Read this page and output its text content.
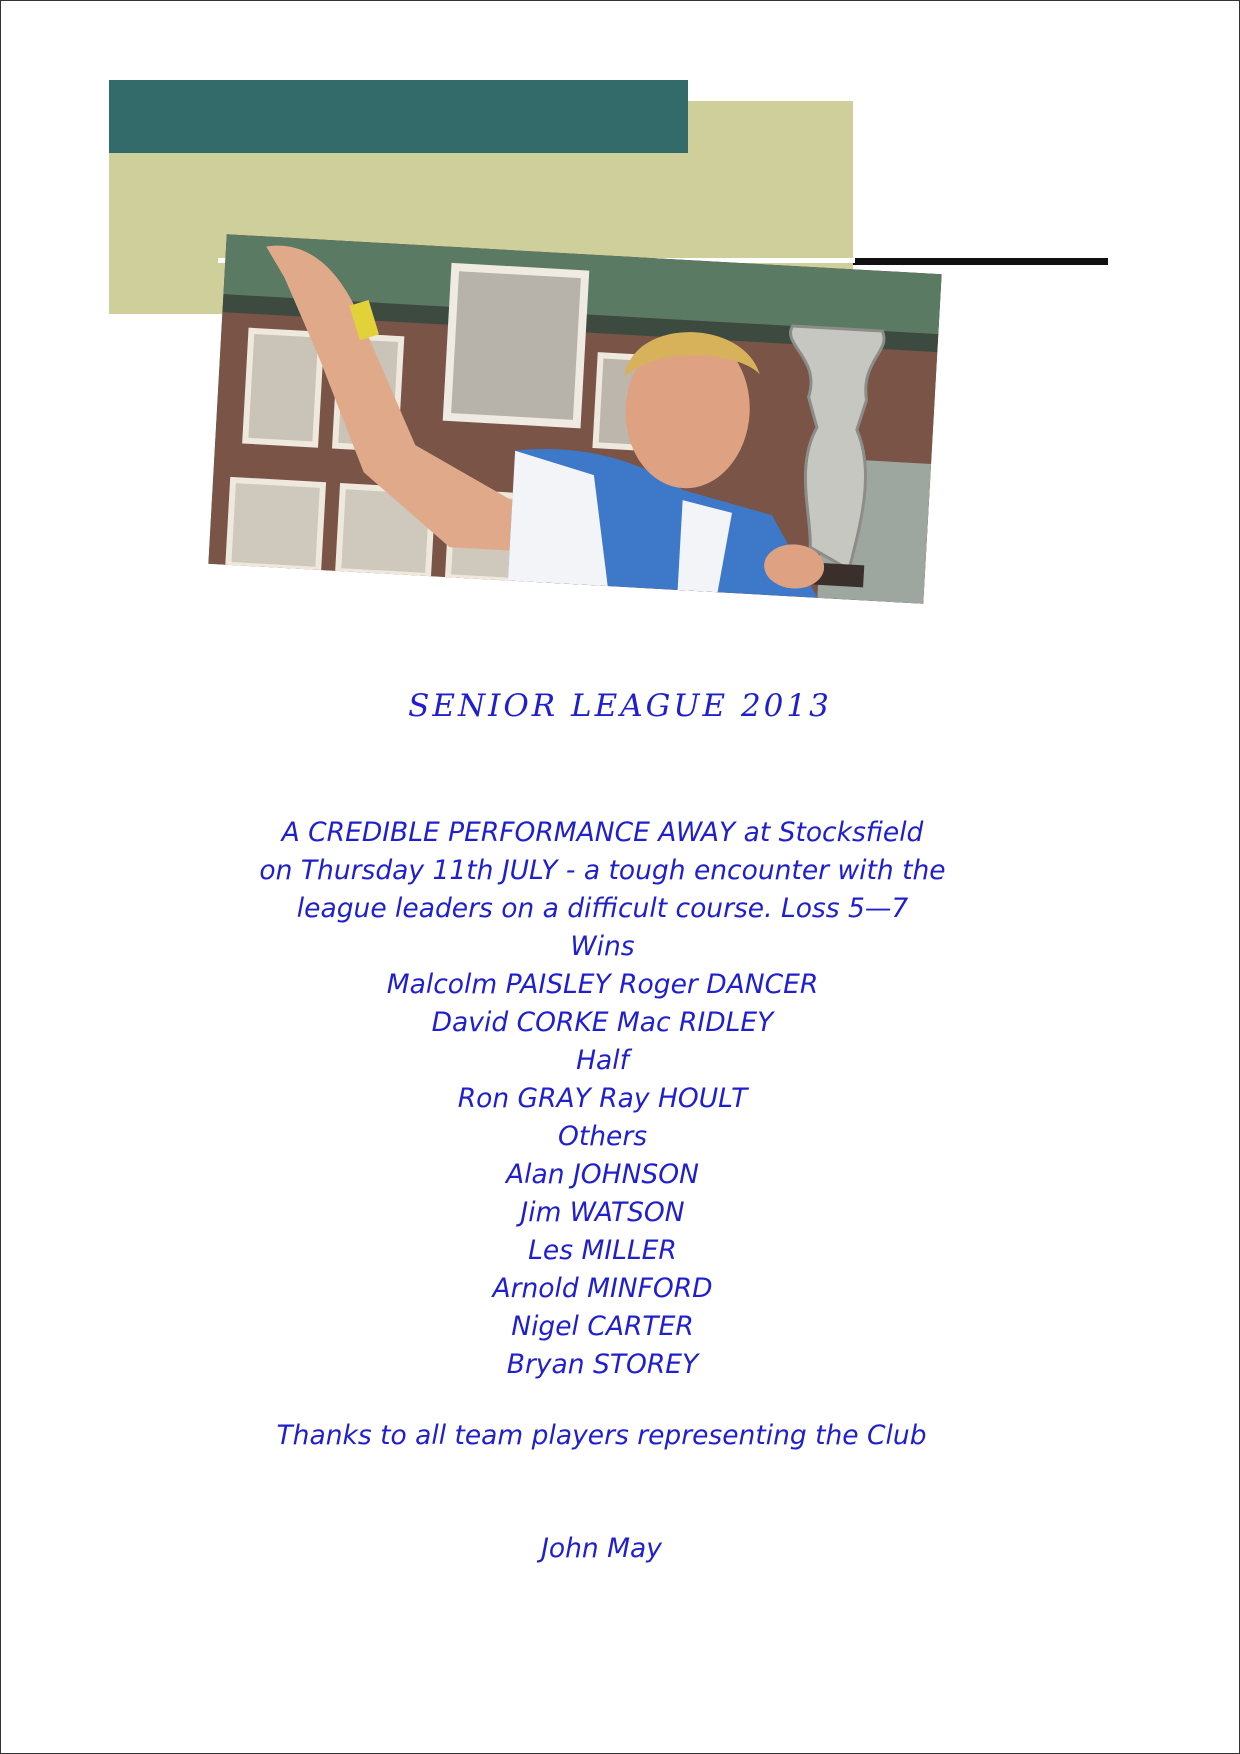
SENIOR LEAGUE 2013
A CREDIBLE PERFORMANCE AWAY at Stocksfield
on Thursday 11th JULY - a tough encounter with the
league leaders on a difficult course. Loss 5—7
Wins
Malcolm PAISLEY Roger DANCER
David CORKE Mac RIDLEY
Half
Ron GRAY Ray HOULT
Others
Alan JOHNSON
Jim WATSON
Les MILLER
Arnold MINFORD
Nigel CARTER
Bryan STOREY
Thanks to all team players representing the Club
John May
